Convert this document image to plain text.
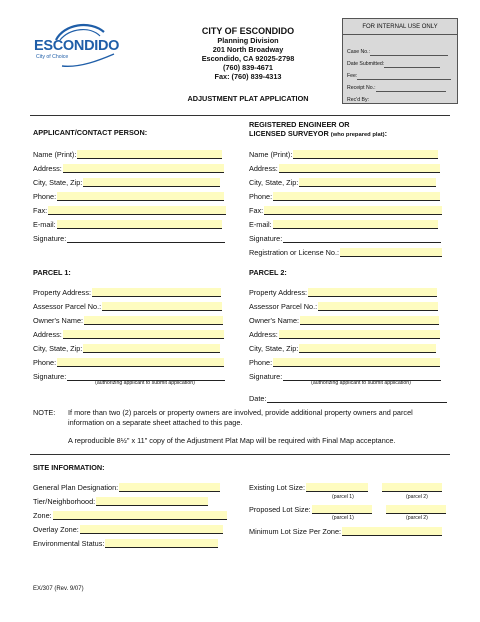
ESCONDIDO
City of Choice
CITY OF ESCONDIDO
Planning Division
201 North Broadway
Escondido, CA 92025-2798
(760) 839-4671
Fax: (760) 839-4313
ADJUSTMENT PLAT APPLICATION
FOR INTERNAL USE ONLY
Case No.:
Date Submitted:
Fee:
Receipt No.:
Rec'd By:
APPLICANT/CONTACT PERSON:
Name (Print):
Address:
City, State, Zip:
Phone:
Fax:
E-mail:
Signature:
REGISTERED ENGINEER OR
LICENSED SURVEYOR (who prepared plat):
Name (Print):
Address:
City, State, Zip:
Phone:
Fax:
E-mail:
Signature:
Registration or License No.:
PARCEL 1:
Property Address:
Assessor Parcel No.:
Owner's Name:
Address:
City, State, Zip:
Phone:
Signature:
(authorizing applicant to submit application)
PARCEL 2:
Property Address:
Assessor Parcel No.:
Owner's Name:
Address:
City, State, Zip:
Phone:
Signature:
(authorizing applicant to submit application)
Date:
NOTE: If more than two (2) parcels or property owners are involved, provide additional property owners and parcel
information on a separate sheet attached to this page.
A reproducible 8½" x 11" copy of the Adjustment Plat Map will be required with Final Map acceptance.
SITE INFORMATION:
General Plan Designation:
Tier/Neighborhood:
Zone:
Overlay Zone:
Environmental Status:
Existing Lot Size:
(parcel 1)	(parcel 2)
Proposed Lot Size:
(parcel 1)	(parcel 2)
Minimum Lot Size Per Zone:
EX/307 (Rev. 9/07)
